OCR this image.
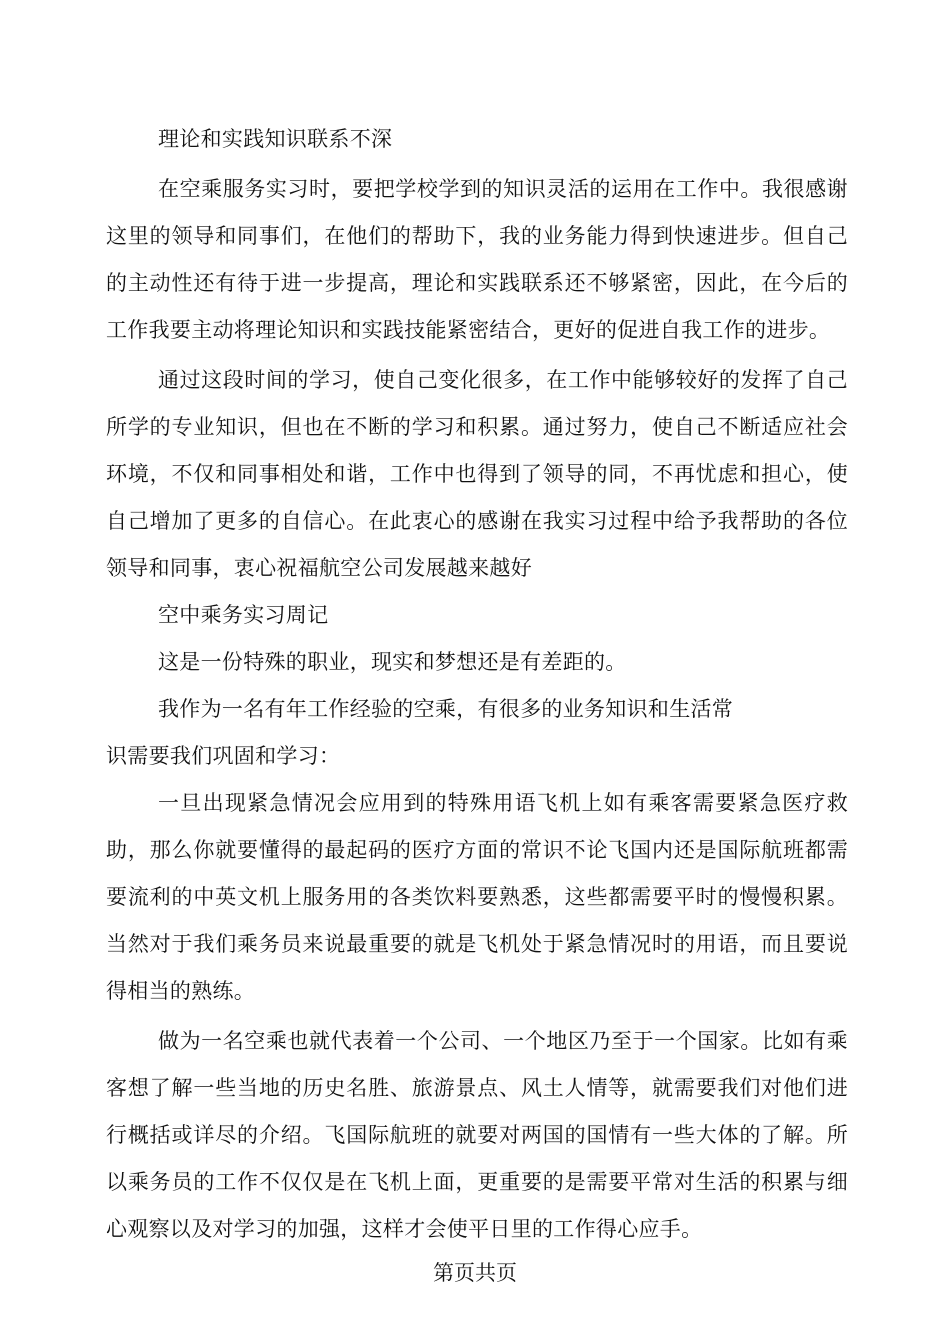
理论和实践知识联系不深

在空乘服务实习时，要把学校学到的知识灵活的运用在工作中。我很感谢这里的领导和同事们，在他们的帮助下，我的业务能力得到快速进步。但自己的主动性还有待于进一步提高，理论和实践联系还不够紧密，因此，在今后的工作我要主动将理论知识和实践技能紧密结合，更好的促进自我工作的进步。

通过这段时间的学习，使自己变化很多，在工作中能够较好的发挥了自己所学的专业知识，但也在不断的学习和积累。通过努力，使自己不断适应社会环境，不仅和同事相处和谐，工作中也得到了领导的同，不再忧虑和担心，使自己增加了更多的自信心。在此衷心的感谢在我实习过程中给予我帮助的各位领导和同事，衷心祝福航空公司发展越来越好

空中乘务实习周记

这是一份特殊的职业，现实和梦想还是有差距的。

我作为一名有年工作经验的空乘，有很多的业务知识和生活常

识需要我们巩固和学习：

一旦出现紧急情况会应用到的特殊用语飞机上如有乘客需要紧急医疗救助，那么你就要懂得的最起码的医疗方面的常识不论飞国内还是国际航班都需要流利的中英文机上服务用的各类饮料要熟悉，这些都需要平时的慢慢积累。当然对于我们乘务员来说最重要的就是飞机处于紧急情况时的用语，而且要说得相当的熟练。

做为一名空乘也就代表着一个公司、一个地区乃至于一个国家。比如有乘客想了解一些当地的历史名胜、旅游景点、风土人情等，就需要我们对他们进行概括或详尽的介绍。飞国际航班的就要对两国的国情有一些大体的了解。所以乘务员的工作不仅仅是在飞机上面，更重要的是需要平常对生活的积累与细心观察以及对学习的加强，这样才会使平日里的工作得心应手。

第页共页
